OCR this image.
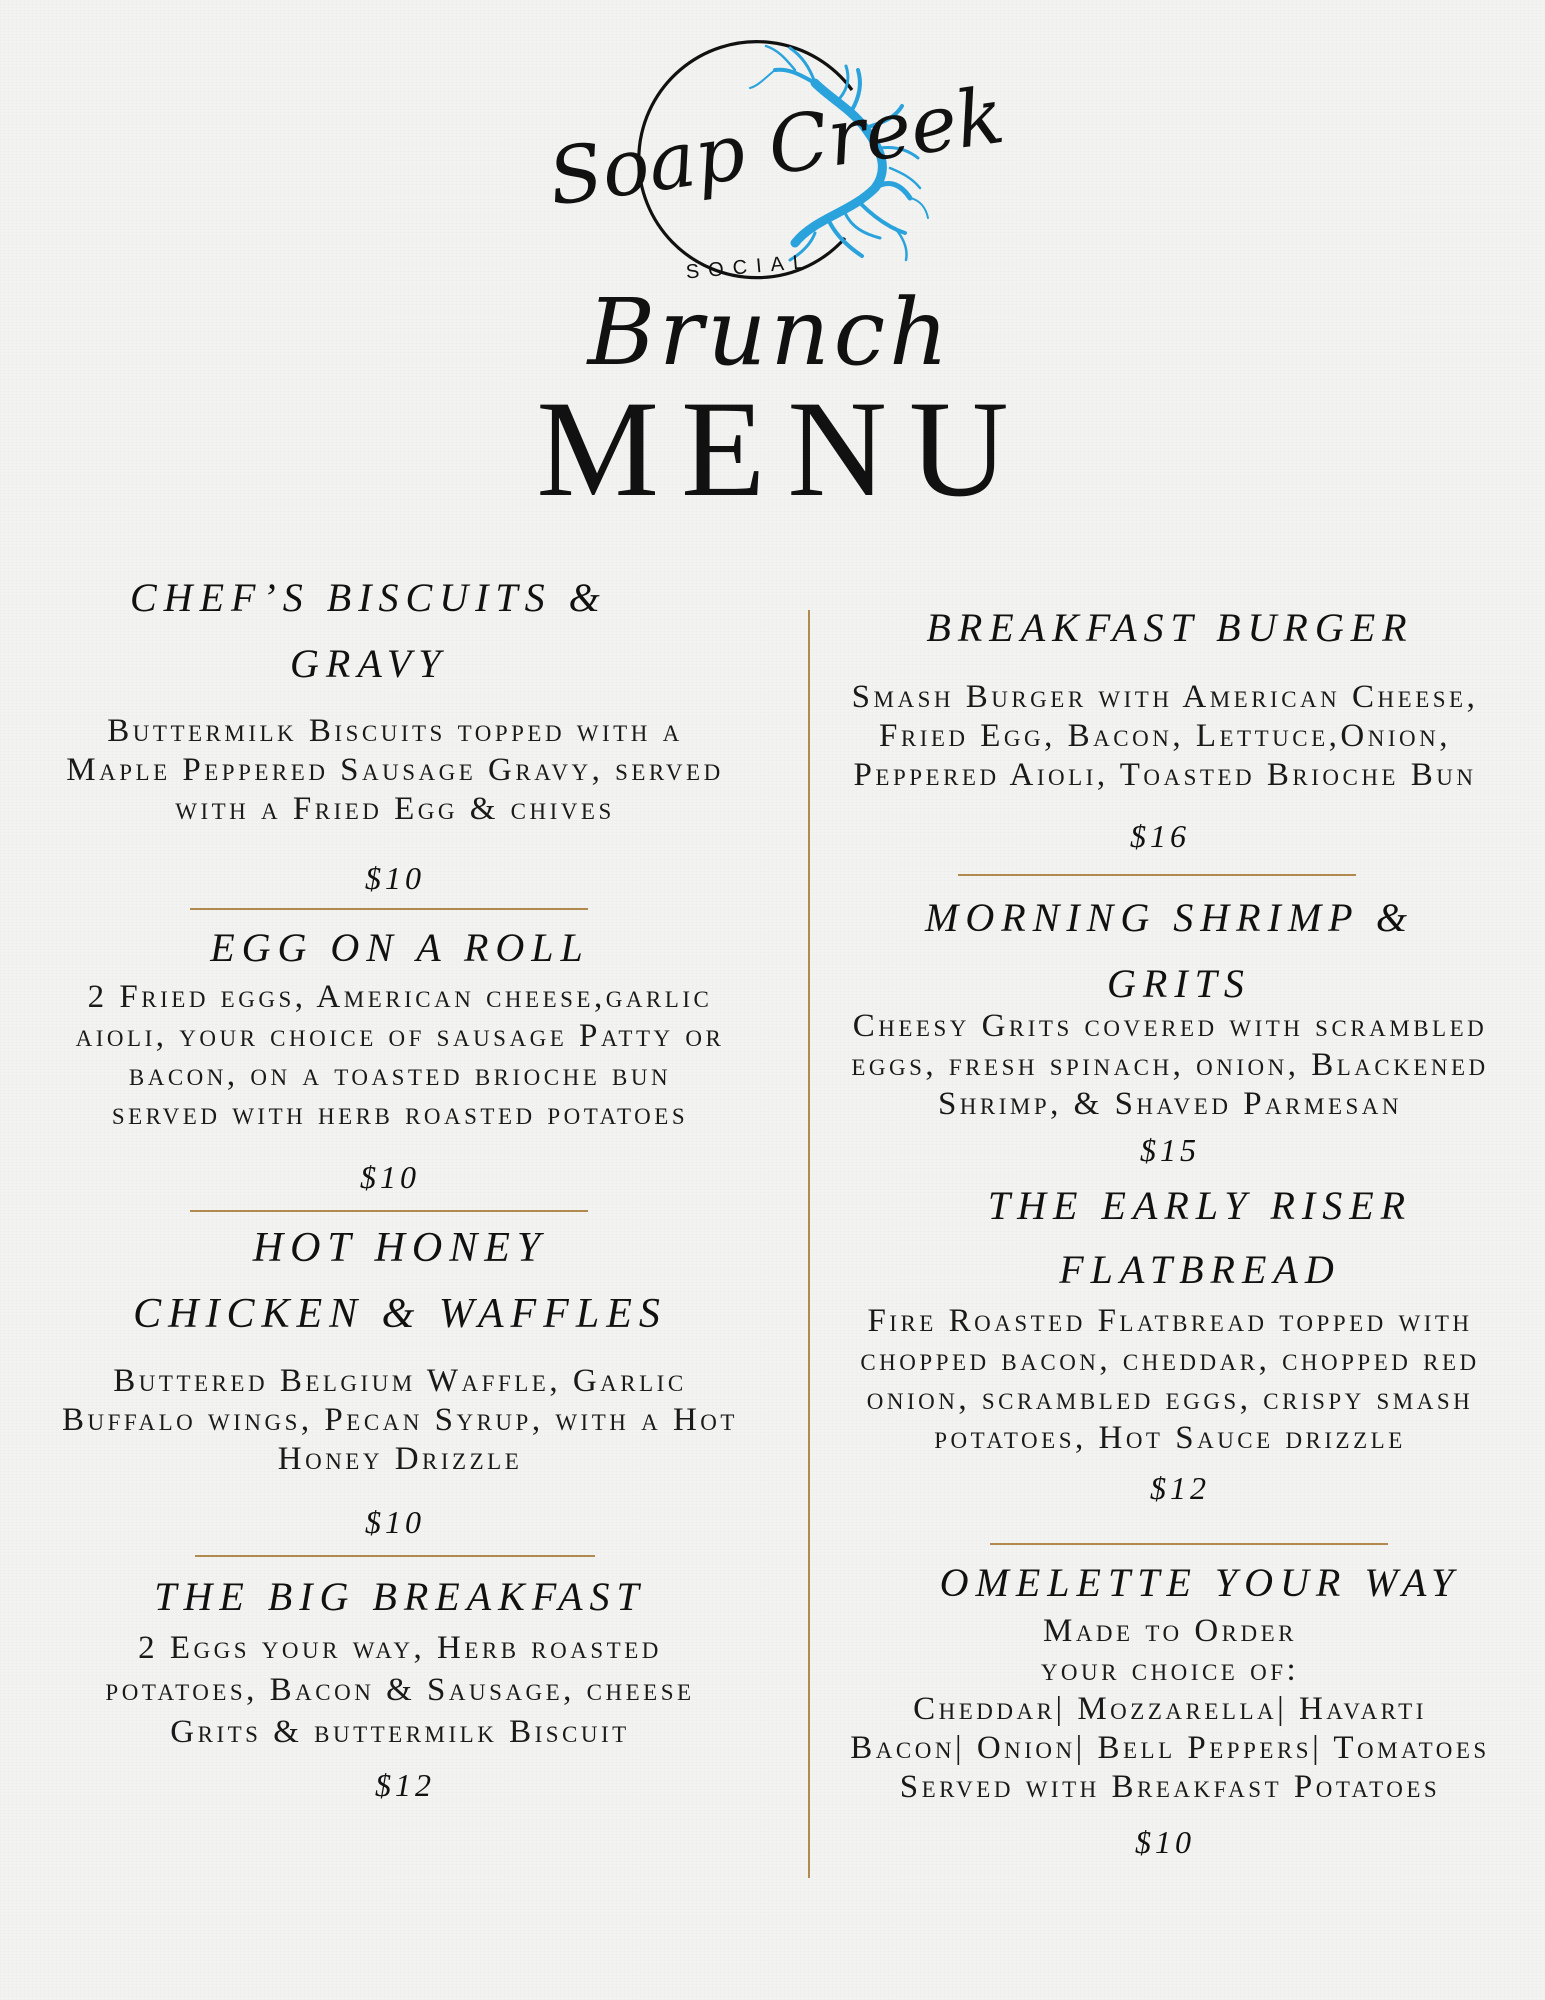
Soap Creek
SOCIAL
Brunch
MENU
CHEF’S BISCUITS &
GRAVY
Buttermilk Biscuits topped with a
Maple Peppered Sausage Gravy, served
with a Fried Egg & chives
$10
EGG ON A ROLL
2 Fried eggs, American cheese,garlic
aioli, your choice of sausage Patty or
bacon, on a toasted brioche bun
served with herb roasted potatoes
$10
HOT HONEY
CHICKEN & WAFFLES
Buttered Belgium Waffle, Garlic
Buffalo wings, Pecan Syrup, with a Hot
Honey Drizzle
$10
THE BIG BREAKFAST
2 Eggs your way, Herb roasted
potatoes, Bacon & Sausage, cheese
Grits & buttermilk Biscuit
$12
BREAKFAST BURGER
Smash Burger with American Cheese,
Fried Egg, Bacon, Lettuce,Onion,
Peppered Aioli, Toasted Brioche Bun
$16
MORNING SHRIMP &
GRITS
Cheesy Grits covered with scrambled
eggs, fresh spinach, onion, Blackened
Shrimp, & Shaved Parmesan
$15
THE EARLY RISER
FLATBREAD
Fire Roasted Flatbread topped with
chopped bacon, cheddar, chopped red
onion, scrambled eggs, crispy smash
potatoes, Hot Sauce drizzle
$12
OMELETTE YOUR WAY
Made to Order
your choice of:
Cheddar| Mozzarella| Havarti
Bacon| Onion| Bell Peppers| Tomatoes
Served with Breakfast Potatoes
$10
